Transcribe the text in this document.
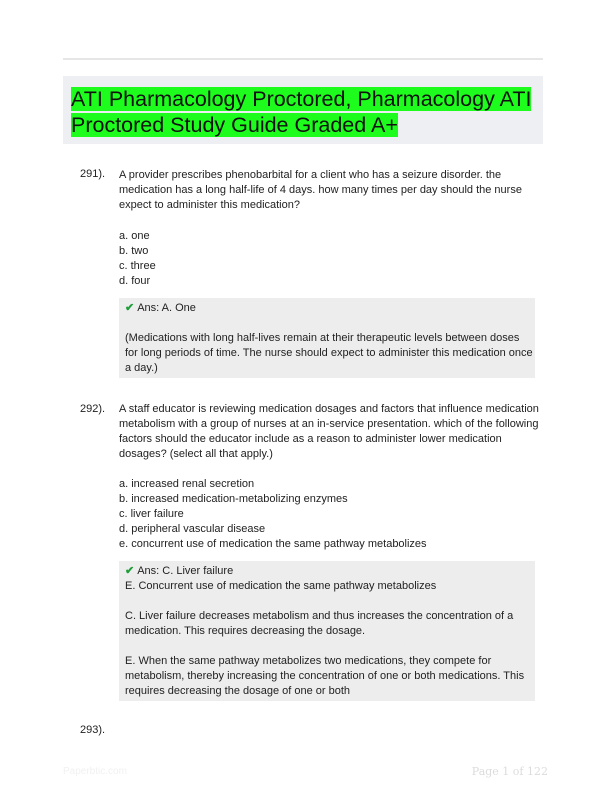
ATI Pharmacology Proctored, Pharmacology ATI Proctored Study Guide Graded A+
291). A provider prescribes phenobarbital for a client who has a seizure disorder. the medication has a long half-life of 4 days. how many times per day should the nurse expect to administer this medication?

a. one
b. two
c. three
d. four

✔ Ans: A. One

(Medications with long half-lives remain at their therapeutic levels between doses for long periods of time. The nurse should expect to administer this medication once a day.)

292). A staff educator is reviewing medication dosages and factors that influence medication metabolism with a group of nurses at an in-service presentation. which of the following factors should the educator include as a reason to administer lower medication dosages? (select all that apply.)

a. increased renal secretion
b. increased medication-metabolizing enzymes
c. liver failure
d. peripheral vascular disease
e. concurrent use of medication the same pathway metabolizes

✔ Ans: C. Liver failure

E. Concurrent use of medication the same pathway metabolizes

C. Liver failure decreases metabolism and thus increases the concentration of a medication. This requires decreasing the dosage.

E. When the same pathway metabolizes two medications, they compete for metabolism, thereby increasing the concentration of one or both medications. This requires decreasing the dosage of one or both

293).
Paperbtic.com	Page 1 of 122
